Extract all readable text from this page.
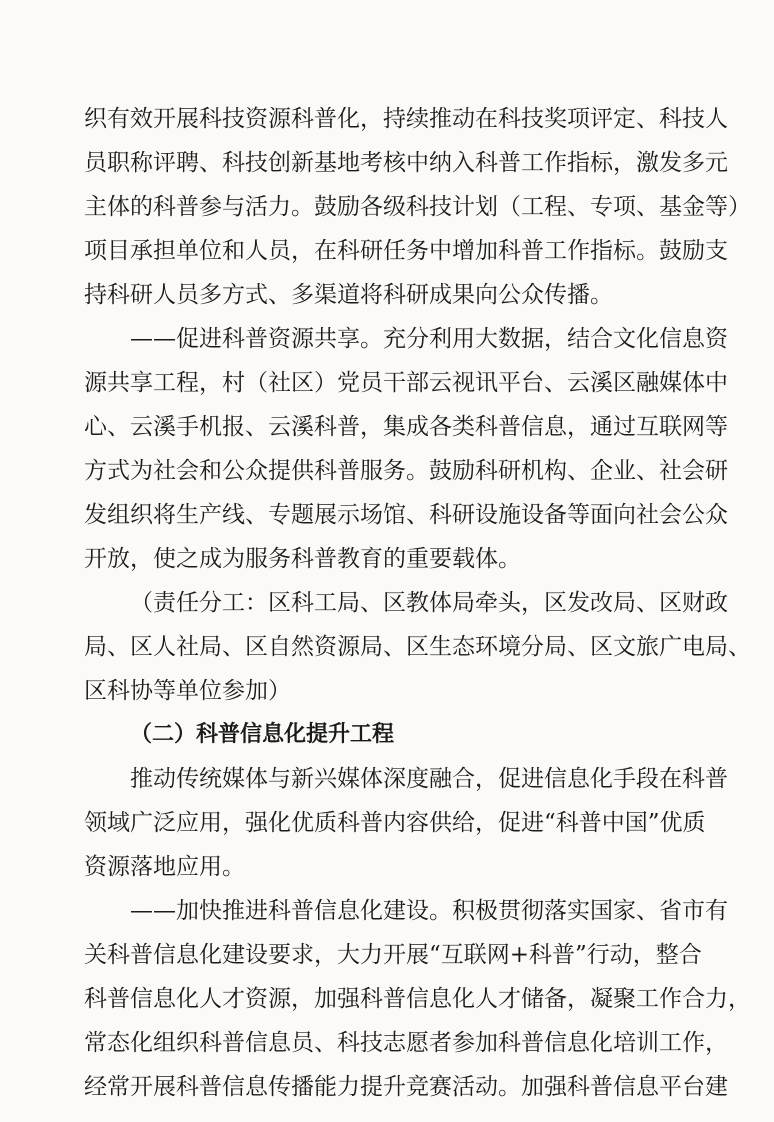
织有效开展科技资源科普化，持续推动在科技奖项评定、科技人
员职称评聘、科技创新基地考核中纳入科普工作指标，激发多元
主体的科普参与活力。鼓励各级科技计划（工程、专项、基金等）
项目承担单位和人员，在科研任务中增加科普工作指标。鼓励支
持科研人员多方式、多渠道将科研成果向公众传播。
——促进科普资源共享。充分利用大数据，结合文化信息资
源共享工程，村（社区）党员干部云视讯平台、云溪区融媒体中
心、云溪手机报、云溪科普，集成各类科普信息，通过互联网等
方式为社会和公众提供科普服务。鼓励科研机构、企业、社会研
发组织将生产线、专题展示场馆、科研设施设备等面向社会公众
开放，使之成为服务科普教育的重要载体。
（责任分工：区科工局、区教体局牵头，区发改局、区财政
局、区人社局、区自然资源局、区生态环境分局、区文旅广电局、
区科协等单位参加）
（二）科普信息化提升工程
推动传统媒体与新兴媒体深度融合，促进信息化手段在科普
领域广泛应用，强化优质科普内容供给，促进“科普中国”优质
资源落地应用。
——加快推进科普信息化建设。积极贯彻落实国家、省市有
关科普信息化建设要求，大力开展“互联网+科普”行动，整合
科普信息化人才资源，加强科普信息化人才储备，凝聚工作合力，
常态化组织科普信息员、科技志愿者参加科普信息化培训工作，
经常开展科普信息传播能力提升竞赛活动。加强科普信息平台建
